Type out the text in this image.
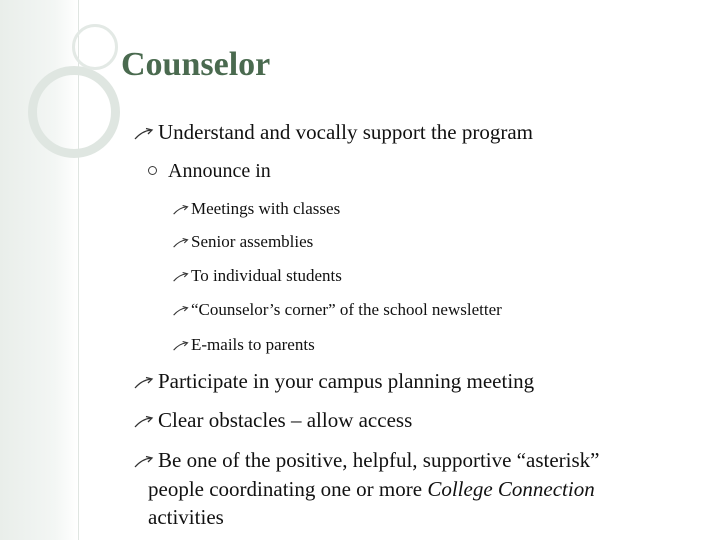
Counselor
Understand and vocally support the program
Announce in
Meetings with classes
Senior assemblies
To individual students
“Counselor’s corner” of the school newsletter
E-mails to parents
Participate in your campus planning meeting
Clear obstacles – allow access
Be one of the positive, helpful, supportive “asterisk”
people coordinating one or more College Connection
activities
